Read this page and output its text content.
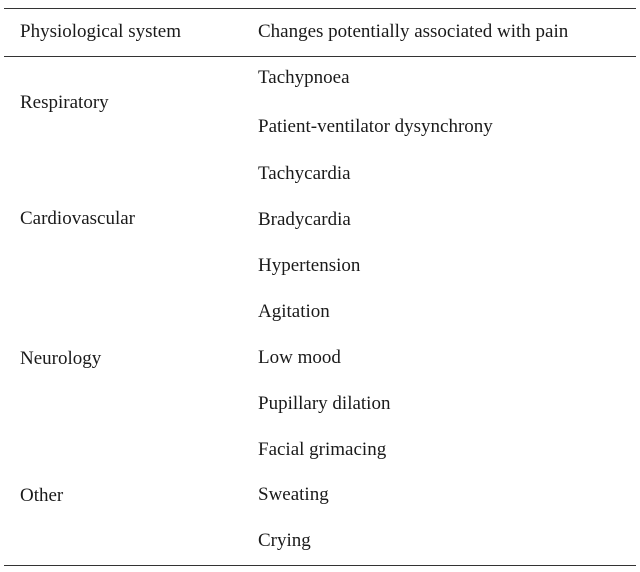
Physiological system	Changes potentially associated with pain
Respiratory
Tachypnoea
Patient-ventilator dysynchrony
Cardiovascular
Tachycardia
Bradycardia
Hypertension
Neurology
Agitation
Low mood
Pupillary dilation
Other
Facial grimacing
Sweating
Crying
